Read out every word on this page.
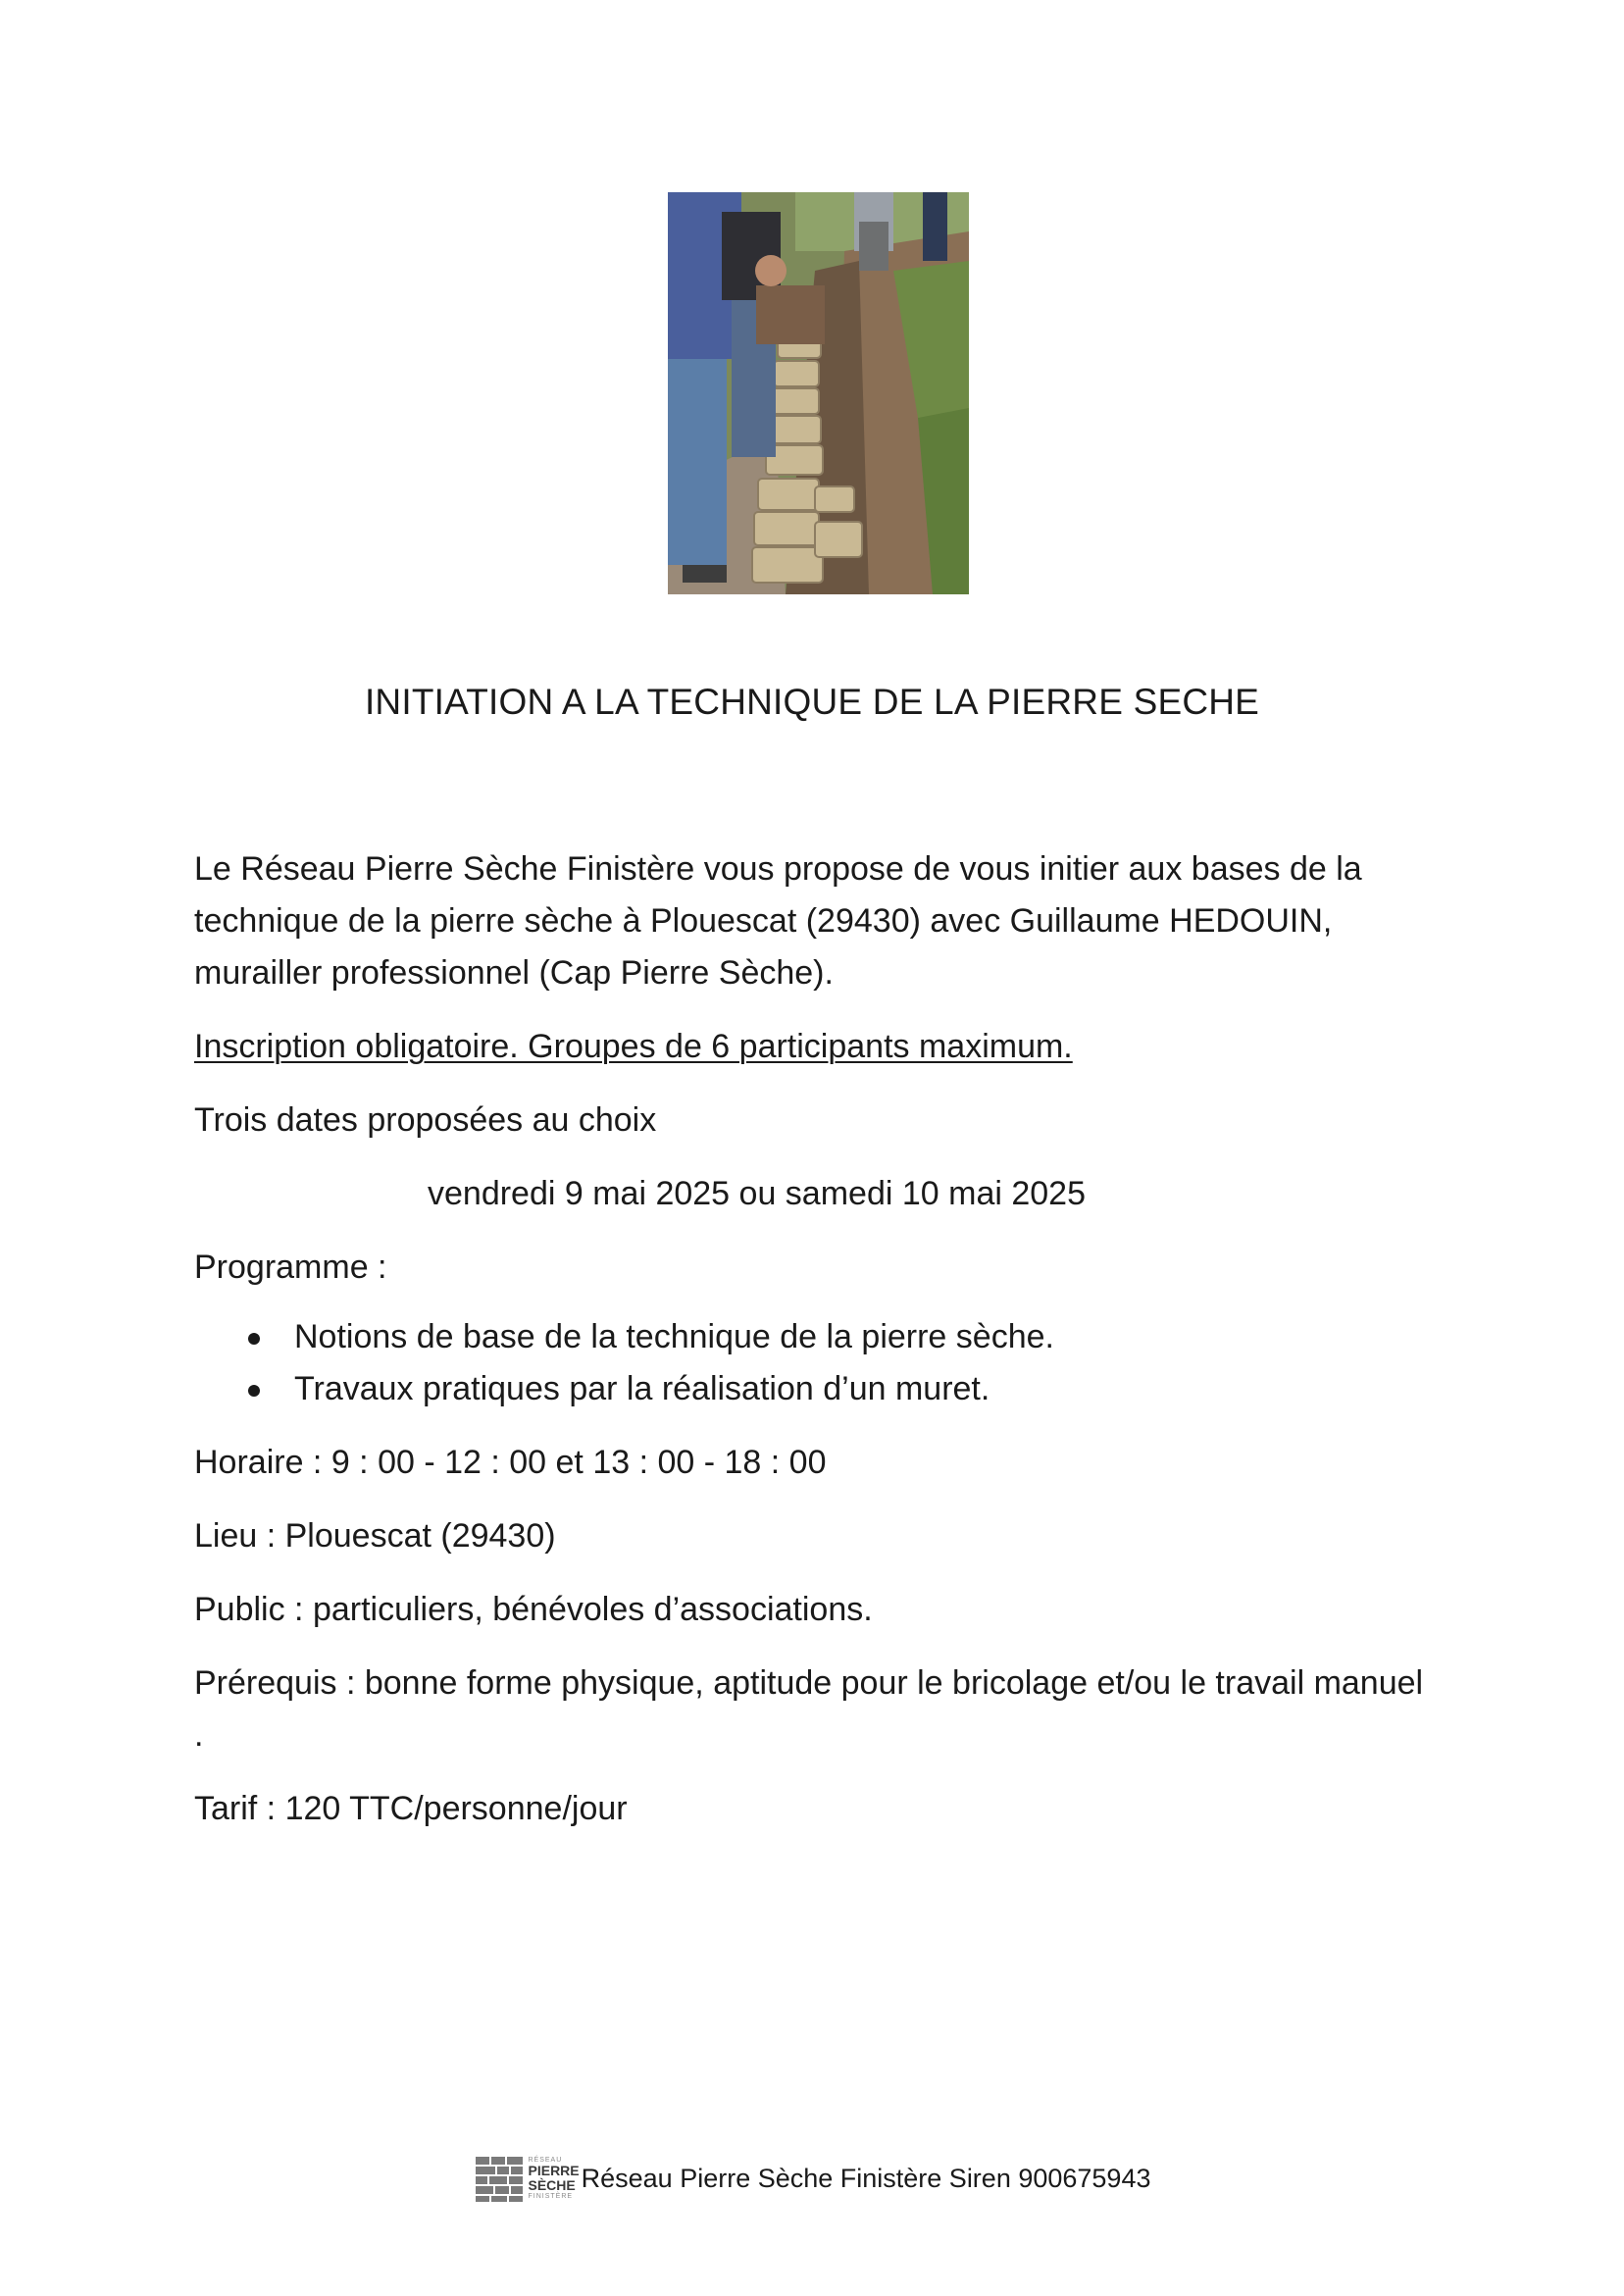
INITIATION A LA TECHNIQUE DE LA PIERRE SECHE

Le Réseau Pierre Sèche Finistère vous propose de vous initier aux bases de la technique de la pierre sèche à Plouescat (29430) avec Guillaume HEDOUIN, murailler professionnel (Cap Pierre Sèche).

Inscription obligatoire. Groupes de 6 participants maximum.

Trois dates proposées au choix

vendredi 9 mai 2025 ou samedi 10 mai 2025

Programme :

Notions de base de la technique de la pierre sèche.
Travaux pratiques par la réalisation d’un muret.

Horaire : 9 : 00 - 12 : 00 et 13 : 00 - 18 : 00

Lieu : Plouescat (29430)

Public : particuliers, bénévoles d’associations.

Prérequis : bonne forme physique, aptitude pour le bricolage et/ou le travail manuel .

Tarif : 120 TTC/personne/jour

RÉSEAU
PIERRE
SÈCHE
FINISTÈRE
Réseau Pierre Sèche Finistère Siren 900675943
